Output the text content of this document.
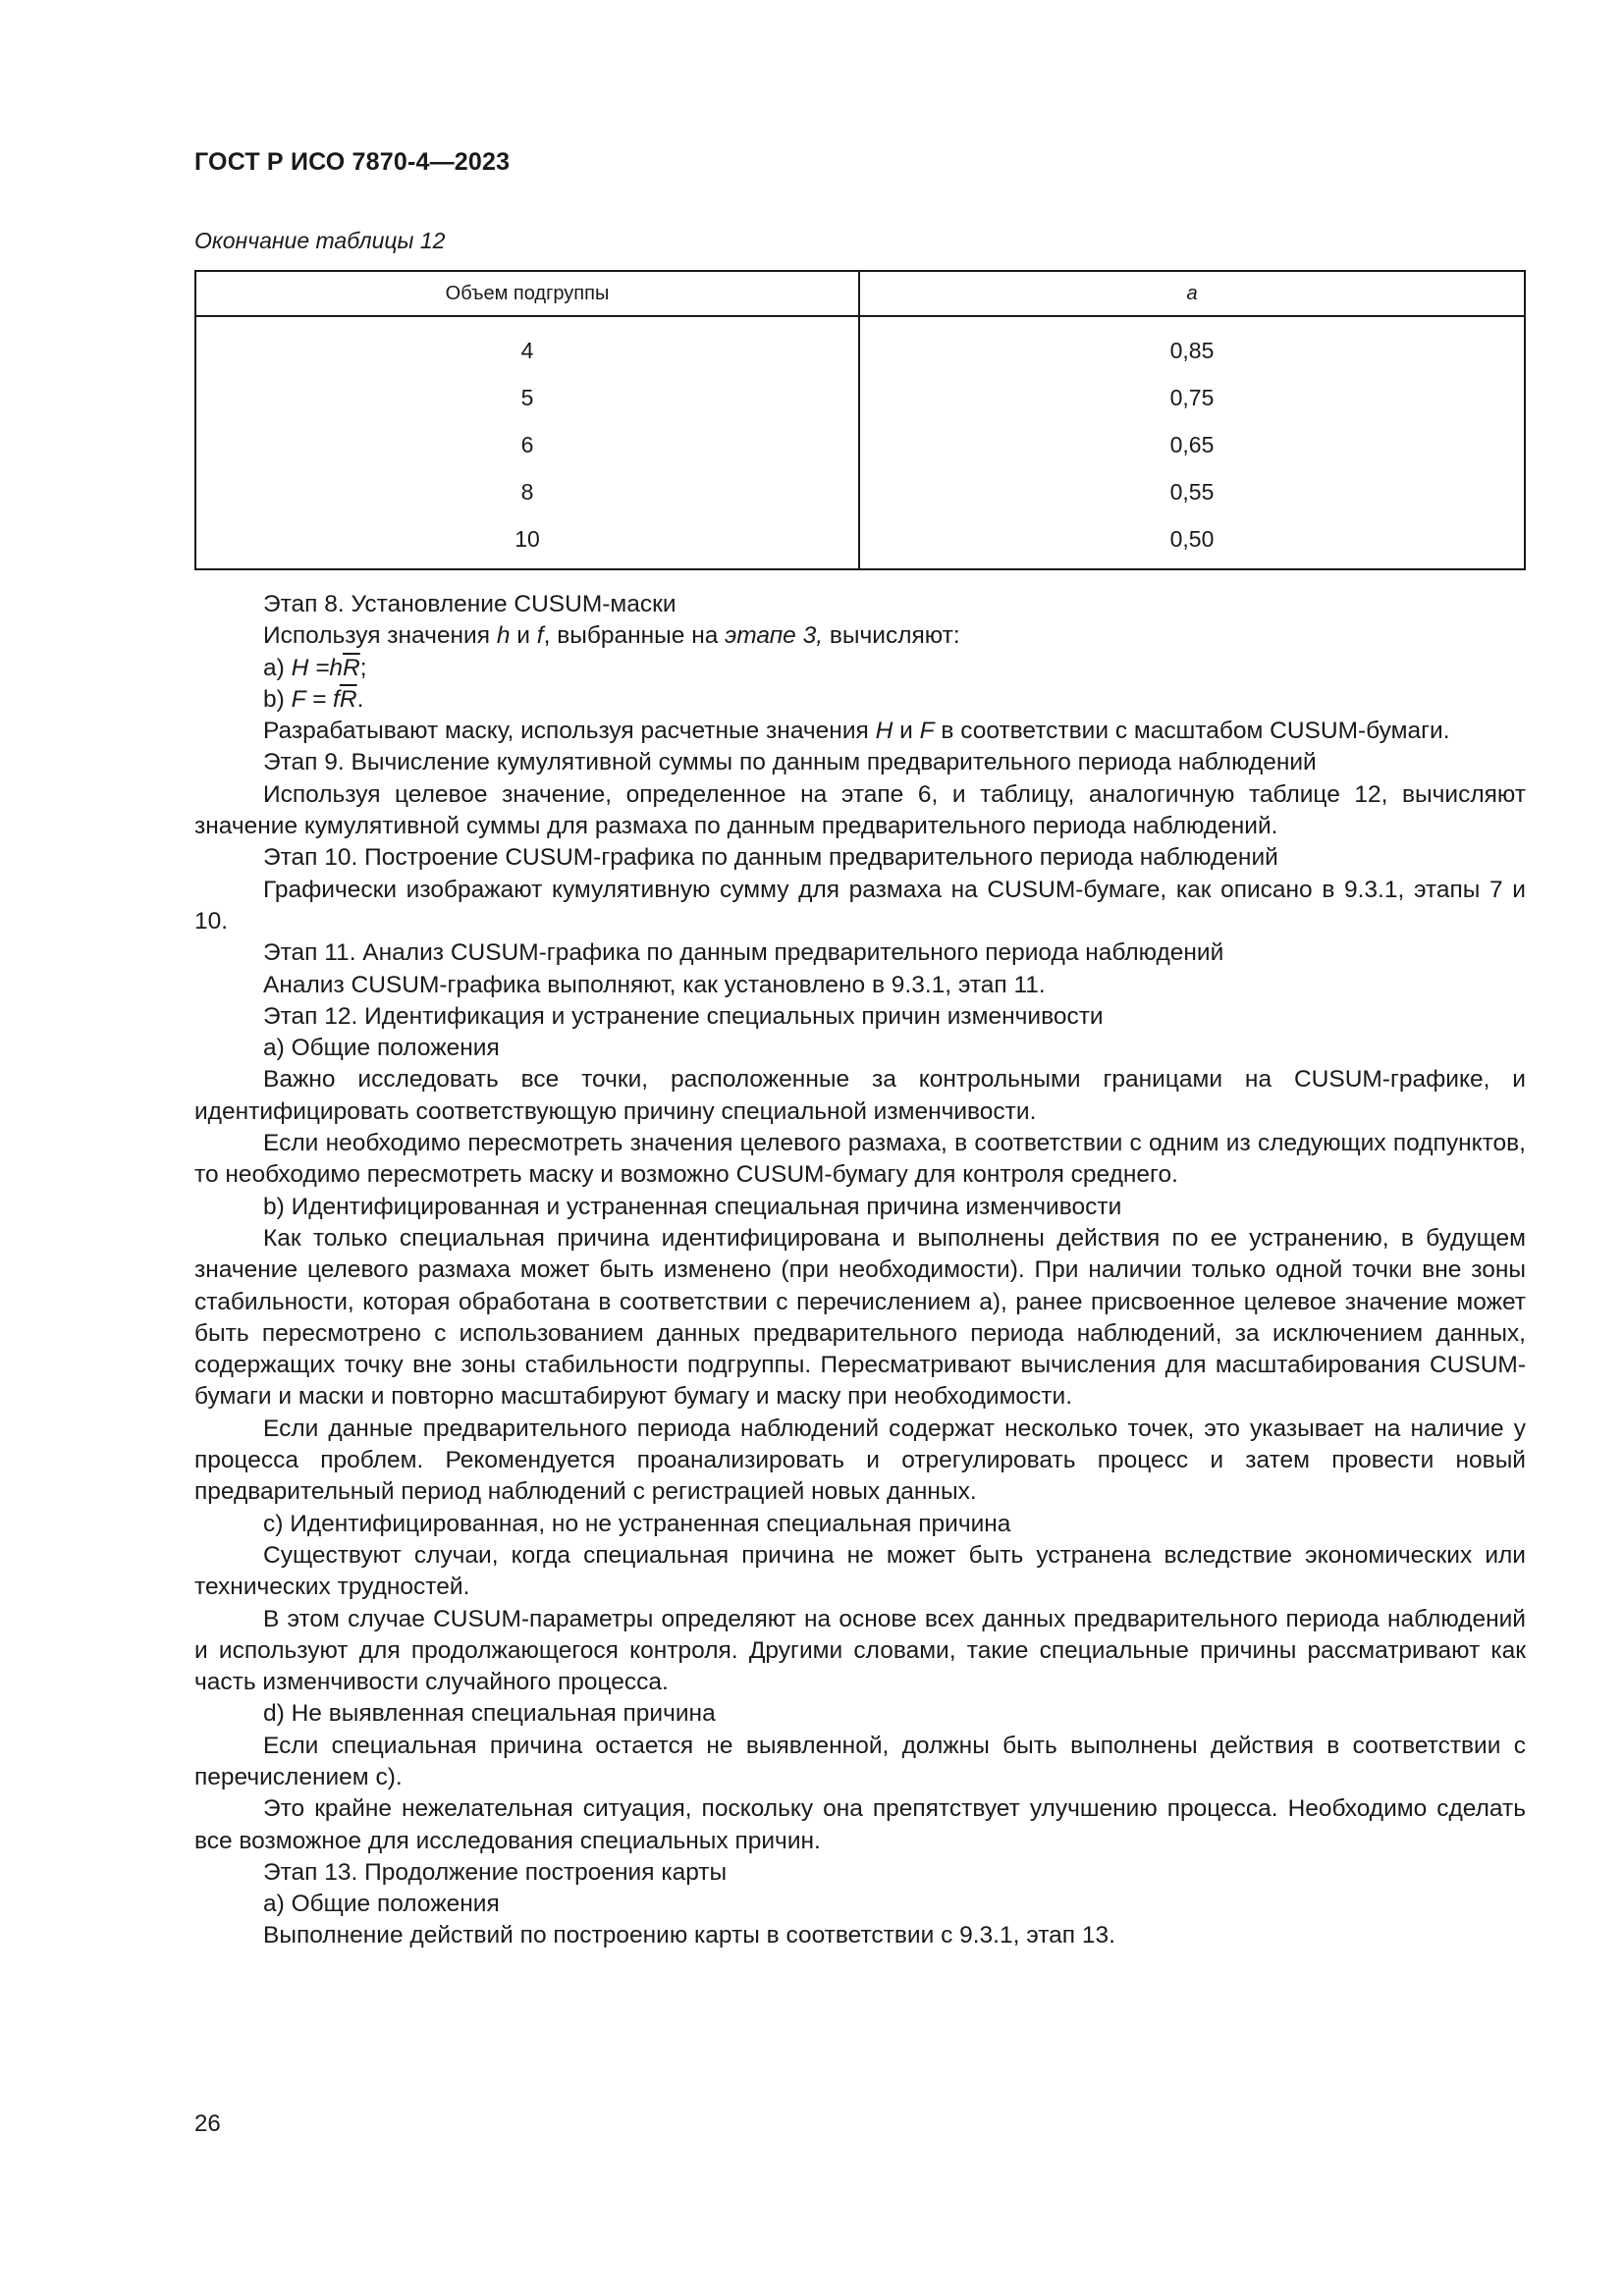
ГОСТ Р ИСО 7870-4—2023
Окончание таблицы 12
Объем подгруппы	a
4	0,85
5	0,75
6	0,65
8	0,55
10	0,50

Этап 8. Установление CUSUM-маски

Используя значения h и f, выбранные на этапе 3, вычисляют:

a) $H =h\overline{R}$;

b) $F = f\overline{R}$.

Разрабатывают маску, используя расчетные значения H и F в соответствии с масштабом CUSUM-бумаги.

Этап 9. Вычисление кумулятивной суммы по данным предварительного периода наблюдений

Используя целевое значение, определенное на этапе 6, и таблицу, аналогичную таблице 12, вычисляют значение кумулятивной суммы для размаха по данным предварительного периода наблюдений.

Этап 10. Построение CUSUM-графика по данным предварительного периода наблюдений

Графически изображают кумулятивную сумму для размаха на CUSUM-бумаге, как описано в 9.3.1, этапы 7 и 10.

Этап 11. Анализ CUSUM-графика по данным предварительного периода наблюдений

Анализ CUSUM-графика выполняют, как установлено в 9.3.1, этап 11.

Этап 12. Идентификация и устранение специальных причин изменчивости

a) Общие положения

Важно исследовать все точки, расположенные за контрольными границами на CUSUM-графике, и идентифицировать соответствующую причину специальной изменчивости.

Если необходимо пересмотреть значения целевого размаха, в соответствии с одним из следующих подпунктов, то необходимо пересмотреть маску и возможно CUSUM-бумагу для контроля среднего.

b) Идентифицированная и устраненная специальная причина изменчивости

Как только специальная причина идентифицирована и выполнены действия по ее устранению, в будущем значение целевого размаха может быть изменено (при необходимости). При наличии только одной точки вне зоны стабильности, которая обработана в соответствии с перечислением а), ранее присвоенное целевое значение может быть пересмотрено с использованием данных предварительного периода наблюдений, за исключением данных, содержащих точку вне зоны стабильности подгруппы. Пересматривают вычисления для масштабирования CUSUM-бумаги и маски и повторно масштабируют бумагу и маску при необходимости.

Если данные предварительного периода наблюдений содержат несколько точек, это указывает на наличие у процесса проблем. Рекомендуется проанализировать и отрегулировать процесс и затем провести новый предварительный период наблюдений с регистрацией новых данных.

c) Идентифицированная, но не устраненная специальная причина

Существуют случаи, когда специальная причина не может быть устранена вследствие экономических или технических трудностей.

В этом случае CUSUM-параметры определяют на основе всех данных предварительного периода наблюдений и используют для продолжающегося контроля. Другими словами, такие специальные причины рассматривают как часть изменчивости случайного процесса.

d) Не выявленная специальная причина

Если специальная причина остается не выявленной, должны быть выполнены действия в соответствии с перечислением с).

Это крайне нежелательная ситуация, поскольку она препятствует улучшению процесса. Необходимо сделать все возможное для исследования специальных причин.

Этап 13. Продолжение построения карты

а) Общие положения

Выполнение действий по построению карты в соответствии с 9.3.1, этап 13.

26
